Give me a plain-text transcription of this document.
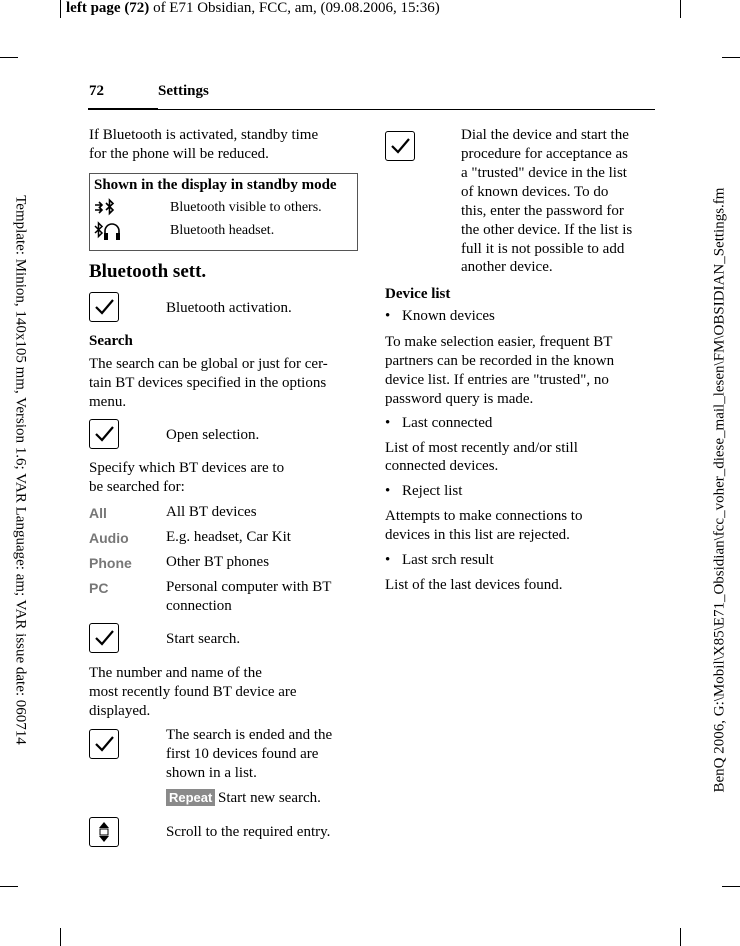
left page (72) of E71 Obsidian, FCC, am, (09.08.2006, 15:36)
Template: Minion, 140x105 mm, Version 1.6; VAR Language: am; VAR issue date: 060714	BenQ 2006, G:\Mobil\X85\E71_Obsidian\fcc_voher_diese_mail_lesen\FM\OBSIDIAN_Settings.fm
72	Settings
If Bluetooth is activated, standby time
for the phone will be reduced.
Shown in the display in standby mode
Bluetooth visible to others.
Bluetooth headset.
Bluetooth sett.
Bluetooth activation.
Search
The search can be global or just for cer-
tain BT devices specified in the options
menu.
Open selection.
Specify which BT devices are to
be searched for:
All	All BT devices
Audio E.g. headset, Car Kit
Phone Other BT phones
PC	Personal computer with BT
connection
Start search.
The number and name of the
most recently found BT device are
displayed.
The search is ended and the
first 10 devices found are
shown in a list.
Repeat Start new search.
Scroll to the required entry.
Dial the device and start the
procedure for acceptance as
a "trusted" device in the list
of known devices. To do
this, enter the password for
the other device. If the list is
full it is not possible to add
another device.
Device list
• Known devices
To make selection easier, frequent BT
partners can be recorded in the known
device list. If entries are "trusted", no
password query is made.
• Last connected
List of most recently and/or still
connected devices.
• Reject list
Attempts to make connections to
devices in this list are rejected.
• Last srch result
List of the last devices found.
